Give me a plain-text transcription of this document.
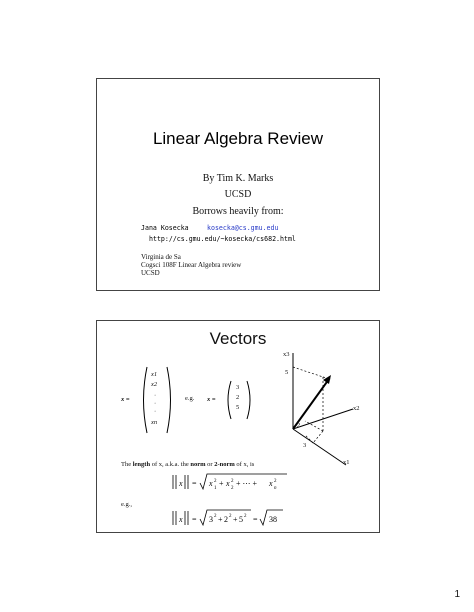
Linear Algebra Review
By Tim K. Marks
UCSD
Borrows heavily from:
Jana Kosecka	kosecka@cs.gmu.edu
http://cs.gmu.edu/~kosecka/cs682.html
Virginia de Sa
Cogsci 108F Linear Algebra review
UCSD
Vectors
x =
x1
x2
·
·
·
xn
e.g. x =
3
2
5
x3
x2
x1
5
2
3
The length of x, a.k.a. the norm or 2-norm of x, is
x = x 2
1
+ x 2
2
+ ⋯ + x 2
n
e.g.,
x = 3 2 + 2 2 + 5 2 = 38
1
